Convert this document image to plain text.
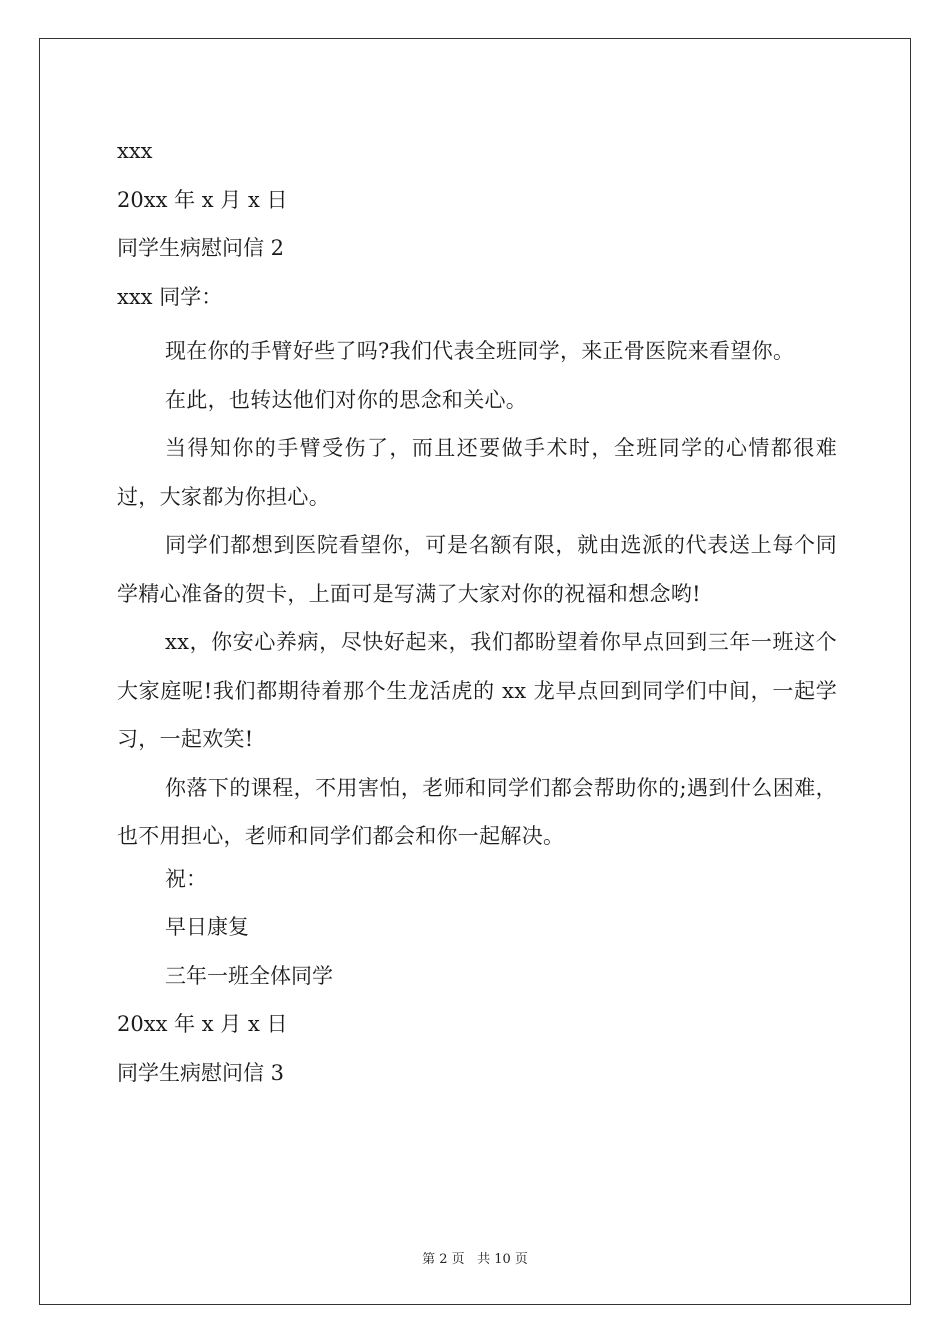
xxx
20xx 年 x 月 x 日
同学生病慰问信 2
xxx 同学：
现在你的手臂好些了吗?我们代表全班同学，来正骨医院来看望你。
在此，也转达他们对你的思念和关心。
当得知你的手臂受伤了，而且还要做手术时，全班同学的心情都很难过，大家都为你担心。
同学们都想到医院看望你，可是名额有限，就由选派的代表送上每个同学精心准备的贺卡，上面可是写满了大家对你的祝福和想念哟!
xx，你安心养病，尽快好起来，我们都盼望着你早点回到三年一班这个大家庭呢!我们都期待着那个生龙活虎的 xx 龙早点回到同学们中间，一起学习，一起欢笑!
你落下的课程，不用害怕，老师和同学们都会帮助你的;遇到什么困难，也不用担心，老师和同学们都会和你一起解决。
祝：
早日康复
三年一班全体同学
20xx 年 x 月 x 日
同学生病慰问信 3
第 2 页 共 10 页
